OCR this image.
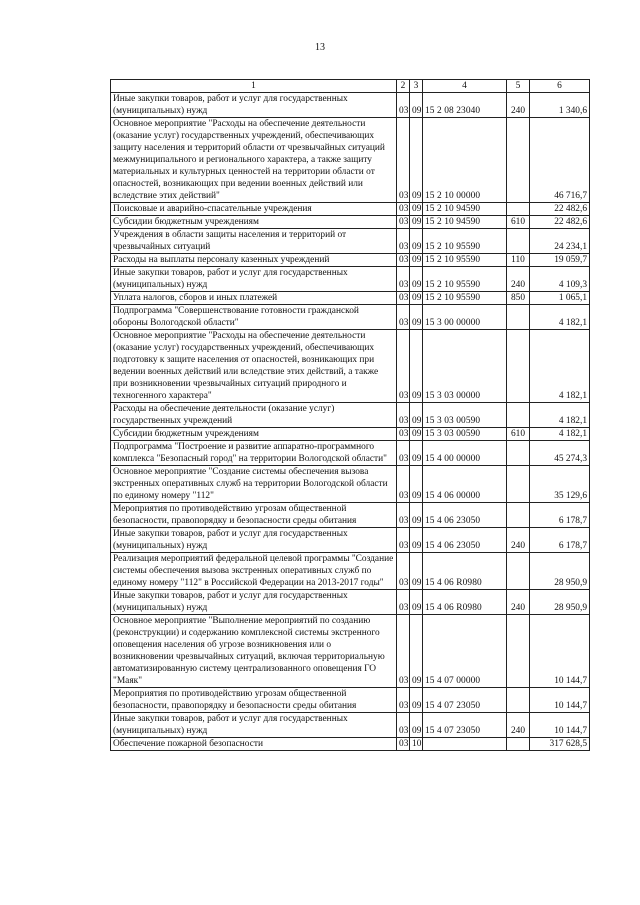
13
1	2	3	4	5	6
Иные закупки товаров, работ и услуг для государственных (муниципальных) нужд	03	09	15 2 08 23040	240	1 340,6
Основное мероприятие "Расходы на обеспечение деятельности (оказание услуг) государственных учреждений, обеспечивающих защиту населения и территорий области от чрезвычайных ситуаций межмуниципального и регионального характера, а также защиту материальных и культурных ценностей на территории области от опасностей, возникающих при ведении военных действий или вследствие этих действий"	03	09	15 2 10 00000		46 716,7
Поисковые и аварийно-спасательные учреждения	03	09	15 2 10 94590		22 482,6
Субсидии бюджетным учреждениям	03	09	15 2 10 94590	610	22 482,6
Учреждения в области защиты населения и территорий от чрезвычайных ситуаций	03	09	15 2 10 95590		24 234,1
Расходы на выплаты персоналу казенных учреждений	03	09	15 2 10 95590	110	19 059,7
Иные закупки товаров, работ и услуг для государственных (муниципальных) нужд	03	09	15 2 10 95590	240	4 109,3
Уплата налогов, сборов и иных платежей	03	09	15 2 10 95590	850	1 065,1
Подпрограмма "Совершенствование готовности гражданской обороны Вологодской области"	03	09	15 3 00 00000		4 182,1
Основное мероприятие "Расходы на обеспечение деятельности (оказание услуг) государственных учреждений, обеспечивающих подготовку к защите населения от опасностей, возникающих при ведении военных действий или вследствие этих действий, а также при возникновении чрезвычайных ситуаций природного и техногенного характера"	03	09	15 3 03 00000		4 182,1
Расходы на обеспечение деятельности (оказание услуг) государственных учреждений	03	09	15 3 03 00590		4 182,1
Субсидии бюджетным учреждениям	03	09	15 3 03 00590	610	4 182,1
Подпрограмма "Построение и развитие аппаратно-программного комплекса "Безопасный город" на территории Вологодской области"	03	09	15 4 00 00000		45 274,3
Основное мероприятие "Создание системы обеспечения вызова экстренных оперативных служб на территории Вологодской области по единому номеру "112"	03	09	15 4 06 00000		35 129,6
Мероприятия по противодействию угрозам общественной безопасности, правопорядку и безопасности среды обитания	03	09	15 4 06 23050		6 178,7
Иные закупки товаров, работ и услуг для государственных (муниципальных) нужд	03	09	15 4 06 23050	240	6 178,7
Реализация мероприятий федеральной целевой программы "Создание системы обеспечения вызова экстренных оперативных служб по единому номеру "112" в Российской Федерации на 2013-2017 годы"	03	09	15 4 06 R0980		28 950,9
Иные закупки товаров, работ и услуг для государственных (муниципальных) нужд	03	09	15 4 06 R0980	240	28 950,9
Основное мероприятие "Выполнение мероприятий по созданию (реконструкции) и содержанию комплексной системы экстренного оповещения населения об угрозе возникновения или о возникновении чрезвычайных ситуаций, включая территориальную автоматизированную систему централизованного оповещения ГО "Маяк"	03	09	15 4 07 00000		10 144,7
Мероприятия по противодействию угрозам общественной безопасности, правопорядку и безопасности среды обитания	03	09	15 4 07 23050		10 144,7
Иные закупки товаров, работ и услуг для государственных (муниципальных) нужд	03	09	15 4 07 23050	240	10 144,7
Обеспечение пожарной безопасности	03	10			317 628,5
